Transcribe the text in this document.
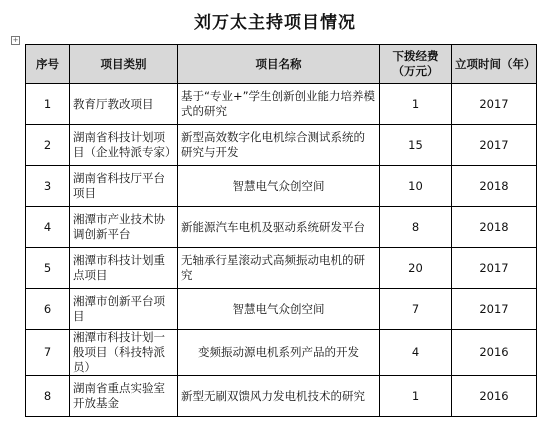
刘万太主持项目情况
+
序号	项目类别	项目名称	下拨经费（万元）	立项时间（年）
1	教育厅教改项目	基于“专业+”学生创新创业能力培养模式的研究	1	2017
2	湖南省科技计划项目（企业特派专家）	新型高效数字化电机综合测试系统的研究与开发	15	2017
3	湖南省科技厅平台项目	智慧电气众创空间	10	2018
4	湘潭市产业技术协调创新平台	新能源汽车电机及驱动系统研发平台	8	2018
5	湘潭市科技计划重点项目	无轴承行星滚动式高频振动电机的研究	20	2017
6	湘潭市创新平台项目	智慧电气众创空间	7	2017
7	湘潭市科技计划一般项目（科技特派员）	变频振动源电机系列产品的开发	4	2016
8	湖南省重点实验室开放基金	新型无刷双馈风力发电机技术的研究	1	2016
